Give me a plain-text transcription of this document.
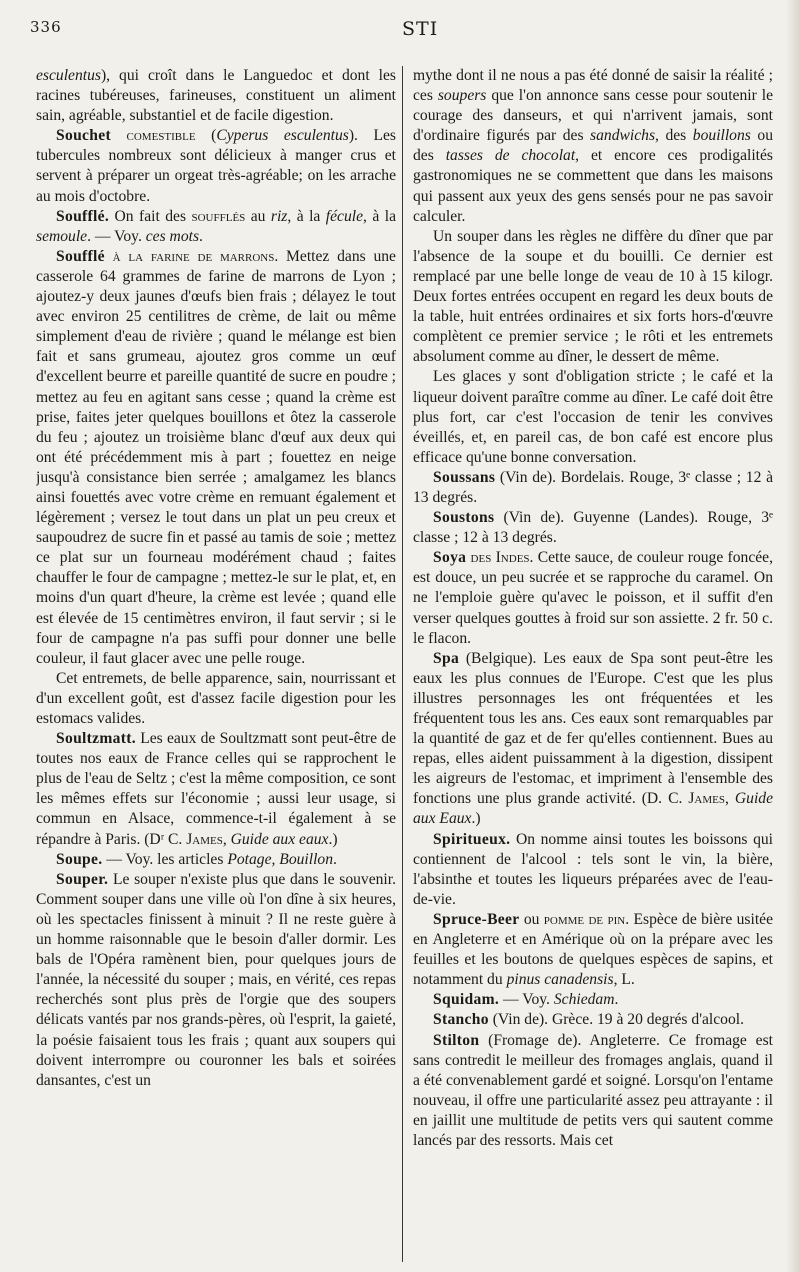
336	STI

esculentus), qui croît dans le Languedoc et dont les racines tubéreuses, farineuses, constituent un aliment sain, agréable, substantiel et de facile digestion.

Souchet comestible (Cyperus esculentus). Les tubercules nombreux sont délicieux à manger crus et servent à préparer un orgeat très-agréable; on les arrache au mois d'octobre.

Soufflé. On fait des soufflés au riz, à la fécule, à la semoule. — Voy. ces mots.

Soufflé à la farine de marrons. Mettez dans une casserole 64 grammes de farine de marrons de Lyon ; ajoutez-y deux jaunes d'œufs bien frais ; délayez le tout avec environ 25 centilitres de crème, de lait ou même simplement d'eau de rivière ; quand le mélange est bien fait et sans grumeau, ajoutez gros comme un œuf d'excellent beurre et pareille quantité de sucre en poudre ; mettez au feu en agitant sans cesse ; quand la crème est prise, faites jeter quelques bouillons et ôtez la casserole du feu ; ajoutez un troisième blanc d'œuf aux deux qui ont été précédemment mis à part ; fouettez en neige jusqu'à consistance bien serrée ; amalgamez les blancs ainsi fouettés avec votre crème en remuant également et légèrement ; versez le tout dans un plat un peu creux et saupoudrez de sucre fin et passé au tamis de soie ; mettez ce plat sur un fourneau modérément chaud ; faites chauffer le four de campagne ; mettez-le sur le plat, et, en moins d'un quart d'heure, la crème est levée ; quand elle est élevée de 15 centimètres environ, il faut servir ; si le four de campagne n'a pas suffi pour donner une belle couleur, il faut glacer avec une pelle rouge.

Cet entremets, de belle apparence, sain, nourrissant et d'un excellent goût, est d'assez facile digestion pour les estomacs valides.

Soultzmatt. Les eaux de Soultzmatt sont peut-être de toutes nos eaux de France celles qui se rapprochent le plus de l'eau de Seltz ; c'est la même composition, ce sont les mêmes effets sur l'économie ; aussi leur usage, si commun en Alsace, commence-t-il également à se répandre à Paris. (Dʳ C. James, Guide aux eaux.)

Soupe. — Voy. les articles Potage, Bouillon.

Souper. Le souper n'existe plus que dans le souvenir. Comment souper dans une ville où l'on dîne à six heures, où les spectacles finissent à minuit ? Il ne reste guère à un homme raisonnable que le besoin d'aller dormir. Les bals de l'Opéra ramènent bien, pour quelques jours de l'année, la nécessité du souper ; mais, en vérité, ces repas recherchés sont plus près de l'orgie que des soupers délicats vantés par nos grands-pères, où l'esprit, la gaieté, la poésie faisaient tous les frais ; quant aux soupers qui doivent interrompre ou couronner les bals et soirées dansantes, c'est un

mythe dont il ne nous a pas été donné de saisir la réalité ; ces soupers que l'on annonce sans cesse pour soutenir le courage des danseurs, et qui n'arrivent jamais, sont d'ordinaire figurés par des sandwichs, des bouillons ou des tasses de chocolat, et encore ces prodigalités gastronomiques ne se commettent que dans les maisons qui passent aux yeux des gens sensés pour ne pas savoir calculer.

Un souper dans les règles ne diffère du dîner que par l'absence de la soupe et du bouilli. Ce dernier est remplacé par une belle longe de veau de 10 à 15 kilogr. Deux fortes entrées occupent en regard les deux bouts de la table, huit entrées ordinaires et six forts hors-d'œuvre complètent ce premier service ; le rôti et les entremets absolument comme au dîner, le dessert de même.

Les glaces y sont d'obligation stricte ; le café et la liqueur doivent paraître comme au dîner. Le café doit être plus fort, car c'est l'occasion de tenir les convives éveillés, et, en pareil cas, de bon café est encore plus efficace qu'une bonne conversation.

Soussans (Vin de). Bordelais. Rouge, 3ᵉ classe ; 12 à 13 degrés.

Soustons (Vin de). Guyenne (Landes). Rouge, 3ᵉ classe ; 12 à 13 degrés.

Soya des Indes. Cette sauce, de couleur rouge foncée, est douce, un peu sucrée et se rapproche du caramel. On ne l'emploie guère qu'avec le poisson, et il suffit d'en verser quelques gouttes à froid sur son assiette. 2 fr. 50 c. le flacon.

Spa (Belgique). Les eaux de Spa sont peut-être les eaux les plus connues de l'Europe. C'est que les plus illustres personnages les ont fréquentées et les fréquentent tous les ans. Ces eaux sont remarquables par la quantité de gaz et de fer qu'elles contiennent. Bues au repas, elles aident puissamment à la digestion, dissipent les aigreurs de l'estomac, et impriment à l'ensemble des fonctions une plus grande activité. (D. C. James, Guide aux Eaux.)

Spiritueux. On nomme ainsi toutes les boissons qui contiennent de l'alcool : tels sont le vin, la bière, l'absinthe et toutes les liqueurs préparées avec de l'eau-de-vie.

Spruce-Beer ou pomme de pin. Espèce de bière usitée en Angleterre et en Amérique où on la prépare avec les feuilles et les boutons de quelques espèces de sapins, et notamment du pinus canadensis, L.

Squidam. — Voy. Schiedam.

Stancho (Vin de). Grèce. 19 à 20 degrés d'alcool.

Stilton (Fromage de). Angleterre. Ce fromage est sans contredit le meilleur des fromages anglais, quand il a été convenablement gardé et soigné. Lorsqu'on l'entame nouveau, il offre une particularité assez peu attrayante : il en jaillit une multitude de petits vers qui sautent comme lancés par des ressorts. Mais cet
